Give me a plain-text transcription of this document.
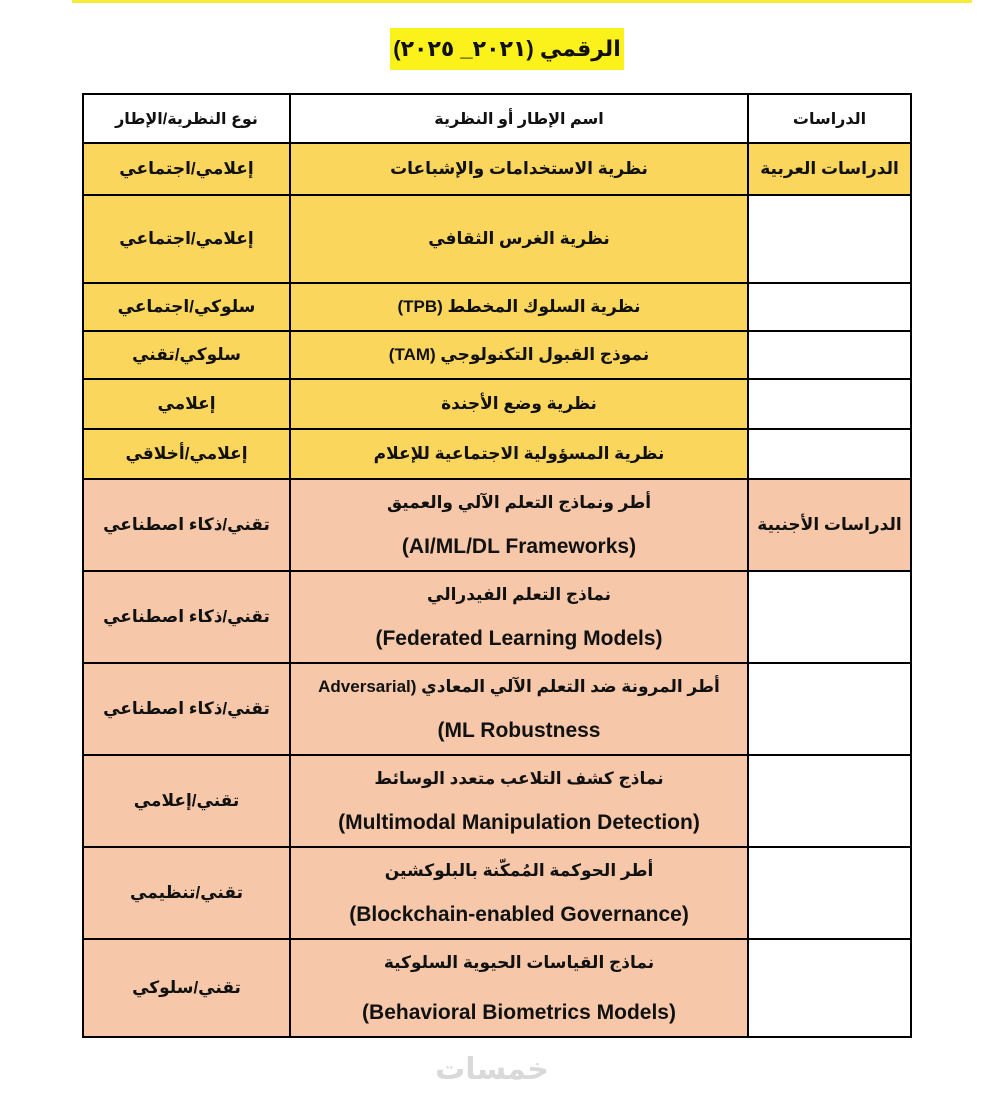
الرقمي (٢٠٢١_ ٢٠٢٥)
نوع النظرية/الإطار	اسم الإطار أو النظرية	الدراسات
الدراسات العربية
الدراسات الأجنبية
نظرية الاستخدامات والإشباعات
إعلامي/اجتماعي
نظرية الغرس الثقافي
إعلامي/اجتماعي
نظرية السلوك المخطط (TPB)
سلوكي/اجتماعي
نموذج القبول التكنولوجي (TAM)
سلوكي/تقني
نظرية وضع الأجندة
إعلامي
نظرية المسؤولية الاجتماعية للإعلام
إعلامي/أخلاقي
أطر ونماذج التعلم الآلي والعميق
(AI/ML/DL Frameworks)
تقني/ذكاء اصطناعي
نماذج التعلم الفيدرالي
(Federated Learning Models)
تقني/ذكاء اصطناعي
أطر المرونة ضد التعلم الآلي المعادي (Adversarial
ML Robustness)
تقني/ذكاء اصطناعي
نماذج كشف التلاعب متعدد الوسائط
(Multimodal Manipulation Detection)
تقني/إعلامي
أطر الحوكمة المُمكّنة بالبلوكشين
(Blockchain-enabled Governance)
تقني/تنظيمي
نماذج القياسات الحيوية السلوكية
(Behavioral Biometrics Models)
تقني/سلوكي
خمسات
